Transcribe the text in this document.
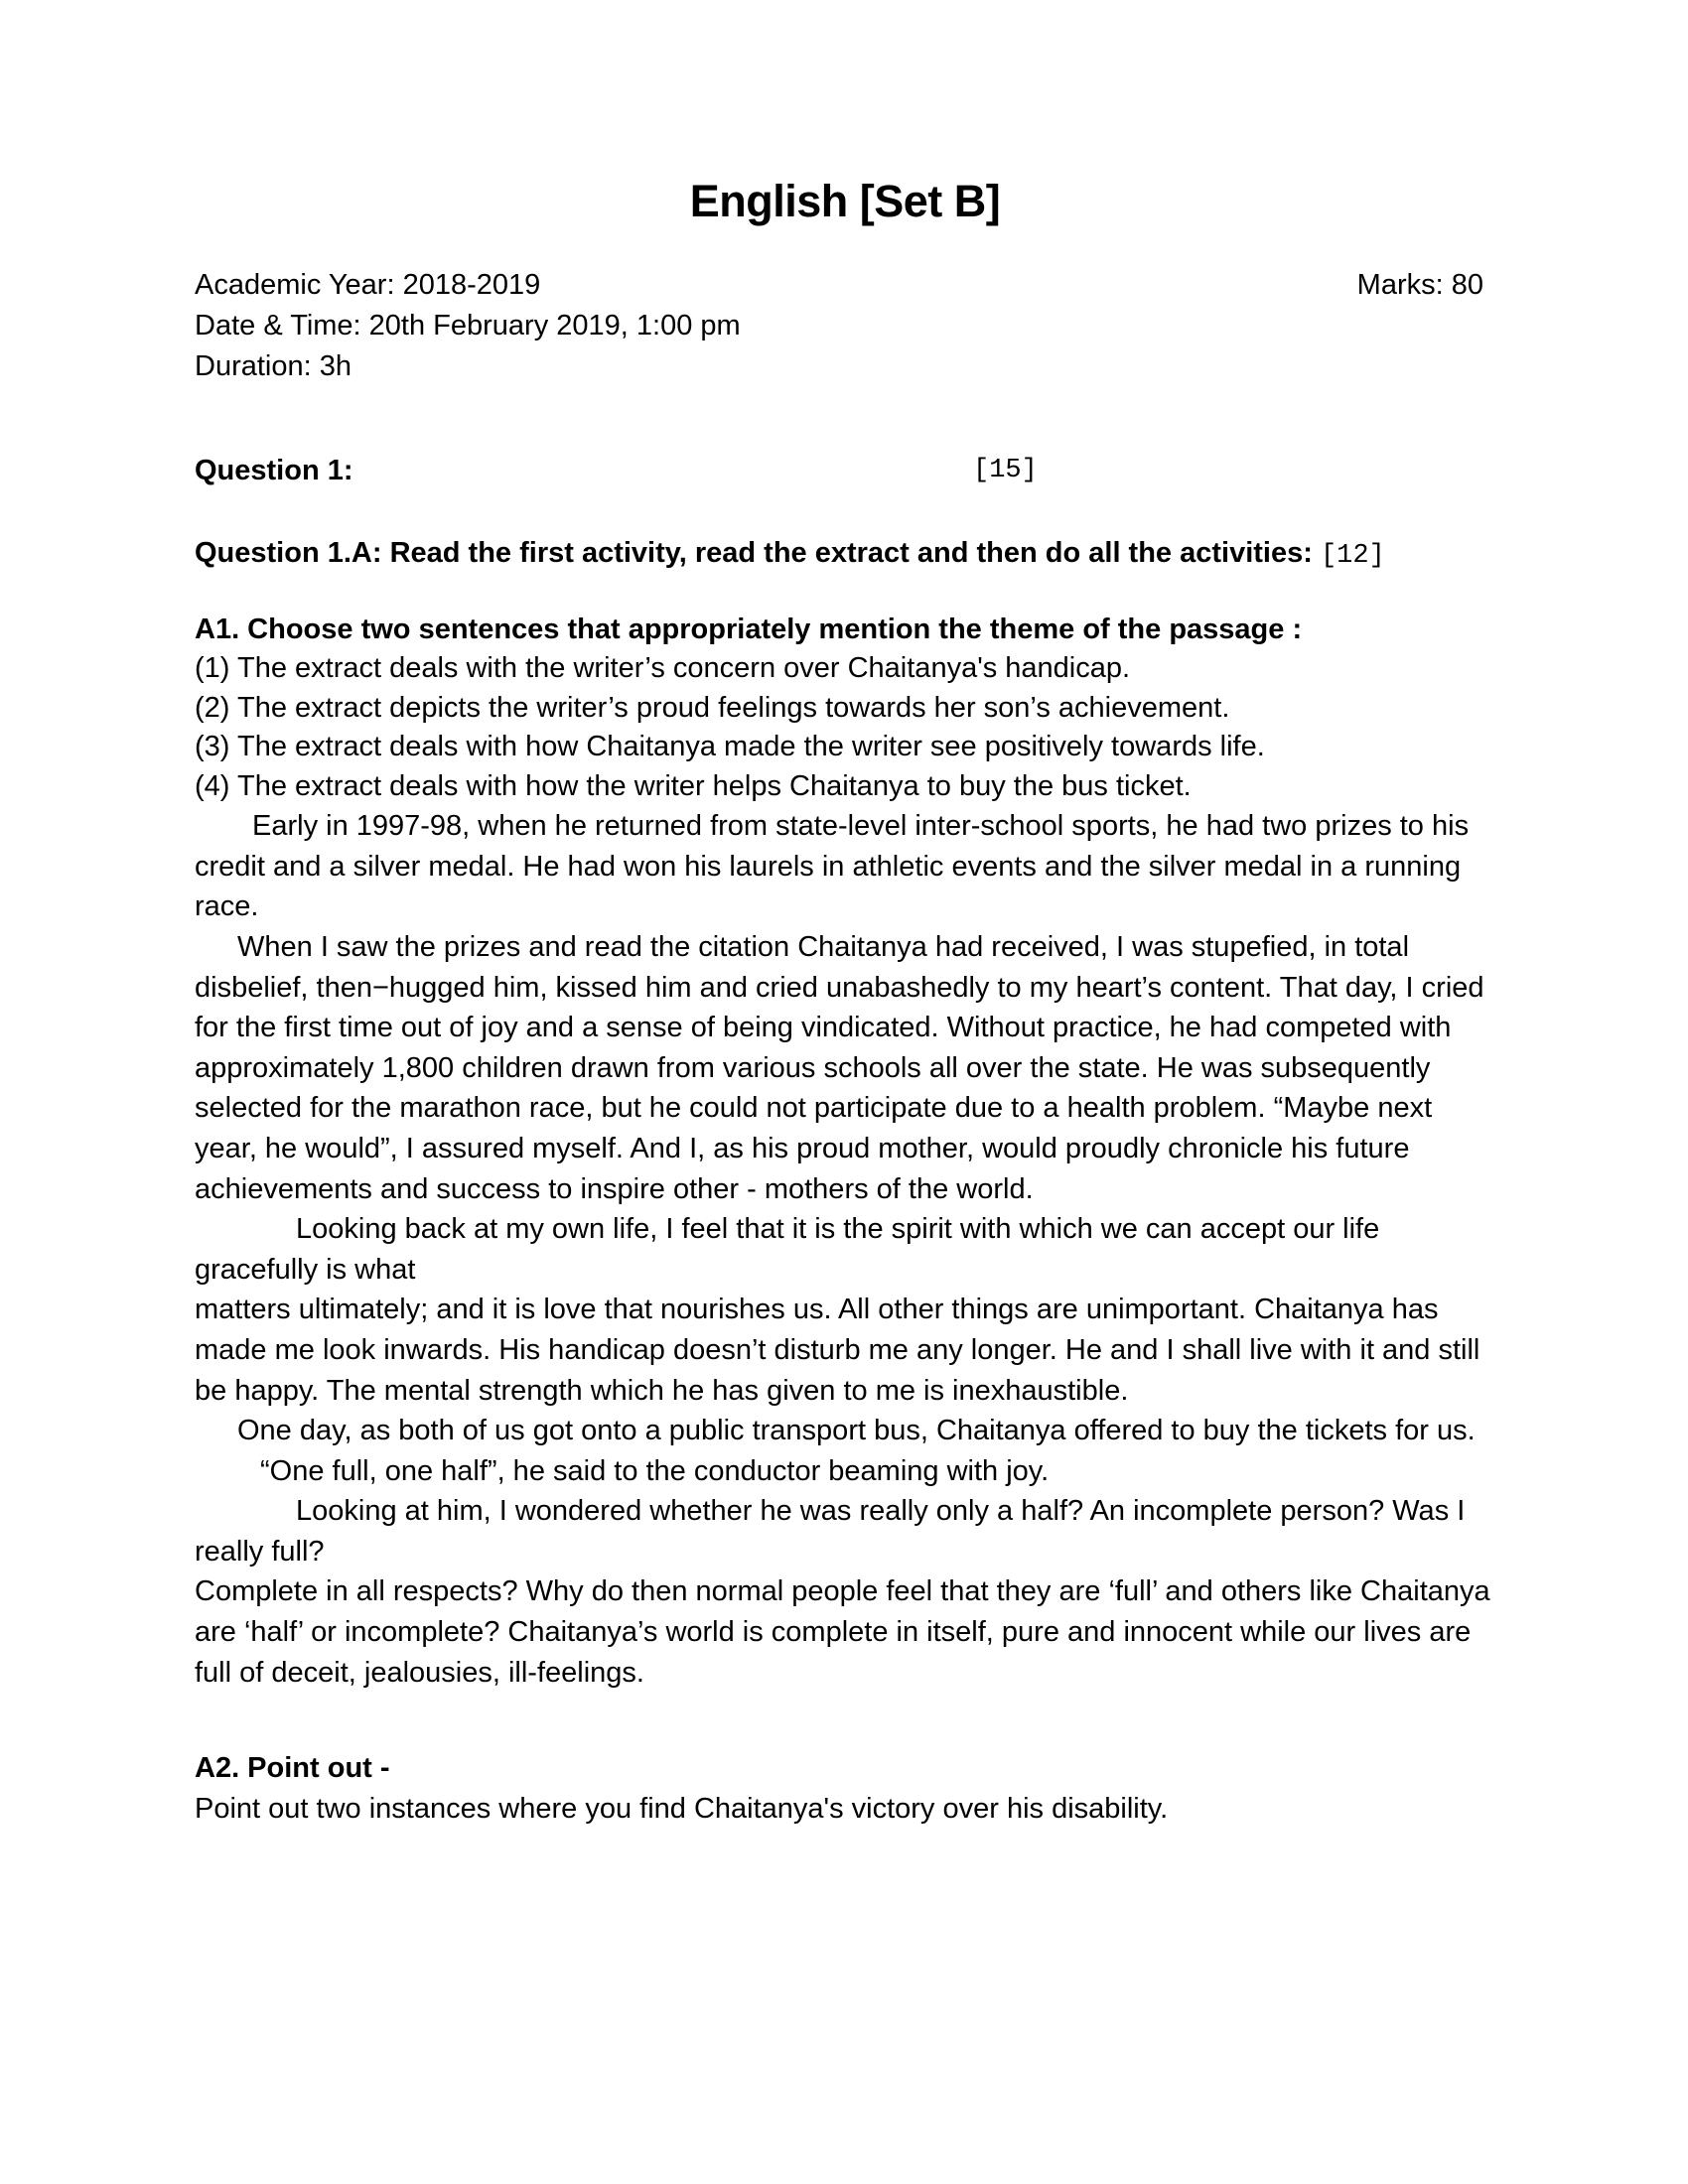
English [Set B]
Academic Year: 2018-2019
Date & Time: 20th February 2019, 1:00 pm
Duration: 3h
Marks: 80
Question 1:	[15]
Question 1.A: Read the first activity, read the extract and then do all the activities: [12]
A1. Choose two sentences that appropriately mention the theme of the passage :
(1) The extract deals with the writer’s concern over Chaitanya's handicap.
(2) The extract depicts the writer’s proud feelings towards her son’s achievement.
(3) The extract deals with how Chaitanya made the writer see positively towards life.
(4) The extract deals with how the writer helps Chaitanya to buy the bus ticket.

Early in 1997-98, when he returned from state-level inter-school sports, he had two prizes to his credit and a silver medal. He had won his laurels in athletic events and the silver medal in a running race.

When I saw the prizes and read the citation Chaitanya had received, I was stupefied, in total disbelief, then−hugged him, kissed him and cried unabashedly to my heart’s content. That day, I cried for the first time out of joy and a sense of being vindicated. Without practice, he had competed with approximately 1,800 children drawn from various schools all over the state. He was subsequently selected for the marathon race, but he could not participate due to a health problem. “Maybe next year, he would”, I assured myself. And I, as his proud mother, would proudly chronicle his future achievements and success to inspire other - mothers of the world.

Looking back at my own life, I feel that it is the spirit with which we can accept our life gracefully is what

matters ultimately; and it is love that nourishes us. All other things are unimportant. Chaitanya has made me look inwards. His handicap doesn’t disturb me any longer. He and I shall live with it and still be happy. The mental strength which he has given to me is inexhaustible.

One day, as both of us got onto a public transport bus, Chaitanya offered to buy the tickets for us.

“One full, one half”, he said to the conductor beaming with joy.

Looking at him, I wondered whether he was really only a half? An incomplete person? Was I really full?

Complete in all respects? Why do then normal people feel that they are ‘full’ and others like Chaitanya are ‘half’ or incomplete? Chaitanya’s world is complete in itself, pure and innocent while our lives are full of deceit, jealousies, ill-feelings.

A2. Point out -
Point out two instances where you find Chaitanya's victory over his disability.
